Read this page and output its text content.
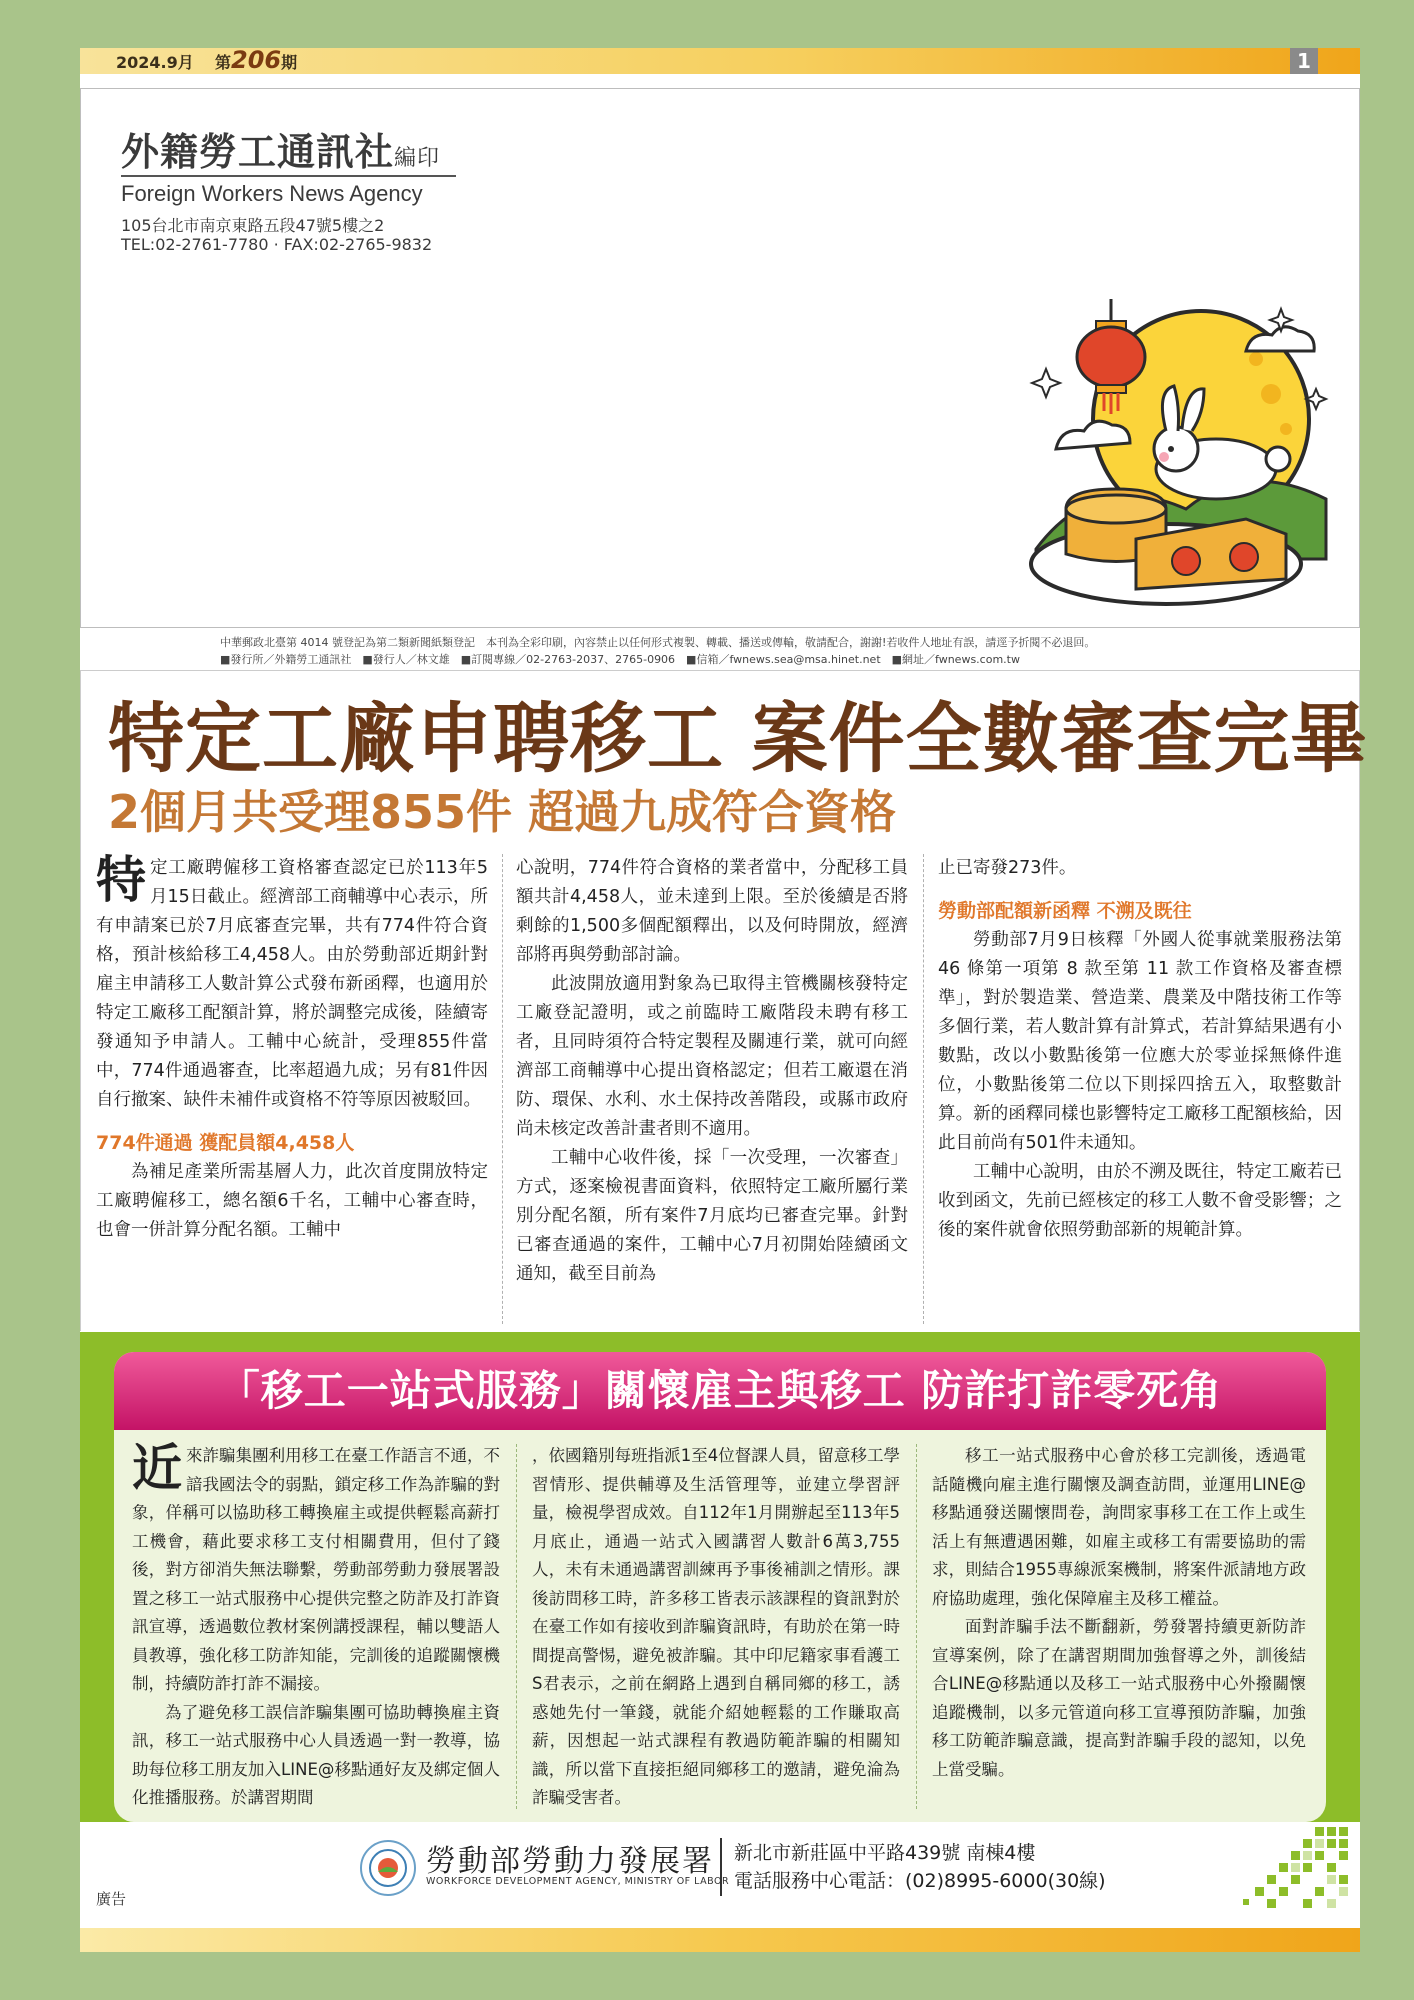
2024.9月 第206期	1
外籍勞工通訊社編印
Foreign Workers News Agency
105台北市南京東路五段47號5樓之2
TEL:02-2761-7780 · FAX:02-2765-9832
中華郵政北臺第 4014 號登記為第二類新聞紙類登記　本刊為全彩印刷，內容禁止以任何形式複製、轉載、播送或傳輸，敬請配合，謝謝!若收件人地址有誤，請逕予折閱不必退回。
■發行所／外籍勞工通訊社　■發行人／林文雄　■訂閱專線／02-2763-2037、2765-0906　■信箱／fwnews.sea@msa.hinet.net　■網址／fwnews.com.tw
特定工廠申聘移工 案件全數審查完畢
2個月共受理855件 超過九成符合資格

特定工廠聘僱移工資格審查認定已於113年5月15日截止。經濟部工商輔導中心表示，所有申請案已於7月底審查完畢，共有774件符合資格，預計核給移工4,458人。由於勞動部近期針對雇主申請移工人數計算公式發布新函釋，也適用於特定工廠移工配額計算，將於調整完成後，陸續寄發通知予申請人。工輔中心統計，受理855件當中，774件通過審查，比率超過九成；另有81件因自行撤案、缺件未補件或資格不符等原因被駁回。

774件通過 獲配員額4,458人

為補足產業所需基層人力，此次首度開放特定工廠聘僱移工，總名額6千名，工輔中心審查時，也會一併計算分配名額。工輔中

心說明，774件符合資格的業者當中，分配移工員額共計4,458人，並未達到上限。至於後續是否將剩餘的1,500多個配額釋出，以及何時開放，經濟部將再與勞動部討論。

此波開放適用對象為已取得主管機關核發特定工廠登記證明，或之前臨時工廠階段未聘有移工者，且同時須符合特定製程及關連行業，就可向經濟部工商輔導中心提出資格認定；但若工廠還在消防、環保、水利、水土保持改善階段，或縣市政府尚未核定改善計畫者則不適用。

工輔中心收件後，採「一次受理，一次審查」方式，逐案檢視書面資料，依照特定工廠所屬行業別分配名額，所有案件7月底均已審查完畢。針對已審查通過的案件，工輔中心7月初開始陸續函文通知，截至目前為

止已寄發273件。

勞動部配額新函釋 不溯及既往

勞動部7月9日核釋「外國人從事就業服務法第 46 條第一項第 8 款至第 11 款工作資格及審查標準」，對於製造業、營造業、農業及中階技術工作等多個行業，若人數計算有計算式，若計算結果遇有小數點，改以小數點後第一位應大於零並採無條件進位，小數點後第二位以下則採四捨五入，取整數計算。新的函釋同樣也影響特定工廠移工配額核給，因此目前尚有501件未通知。

工輔中心說明，由於不溯及既往，特定工廠若已收到函文，先前已經核定的移工人數不會受影響；之後的案件就會依照勞動部新的規範計算。

「移工一站式服務」關懷雇主與移工 防詐打詐零死角

近來詐騙集團利用移工在臺工作語言不通，不諳我國法令的弱點，鎖定移工作為詐騙的對象，佯稱可以協助移工轉換雇主或提供輕鬆高薪打工機會，藉此要求移工支付相關費用，但付了錢後，對方卻消失無法聯繫，勞動部勞動力發展署設置之移工一站式服務中心提供完整之防詐及打詐資訊宣導，透過數位教材案例講授課程，輔以雙語人員教導，強化移工防詐知能，完訓後的追蹤關懷機制，持續防詐打詐不漏接。

為了避免移工誤信詐騙集團可協助轉換雇主資訊，移工一站式服務中心人員透過一對一教導，協助每位移工朋友加入LINE@移點通好友及綁定個人化推播服務。於講習期間

，依國籍別每班指派1至4位督課人員，留意移工學習情形、提供輔導及生活管理等，並建立學習評量，檢視學習成效。自112年1月開辦起至113年5月底止，通過一站式入國講習人數計6萬3,755人，未有未通過講習訓練再予事後補訓之情形。課後訪問移工時，許多移工皆表示該課程的資訊對於在臺工作如有接收到詐騙資訊時，有助於在第一時間提高警惕，避免被詐騙。其中印尼籍家事看護工S君表示，之前在網路上遇到自稱同鄉的移工，誘惑她先付一筆錢，就能介紹她輕鬆的工作賺取高薪，因想起一站式課程有教過防範詐騙的相關知識，所以當下直接拒絕同鄉移工的邀請，避免淪為詐騙受害者。

移工一站式服務中心會於移工完訓後，透過電話隨機向雇主進行關懷及調查訪問，並運用LINE@移點通發送關懷問卷，詢問家事移工在工作上或生活上有無遭遇困難，如雇主或移工有需要協助的需求，則結合1955專線派案機制，將案件派請地方政府協助處理，強化保障雇主及移工權益。

面對詐騙手法不斷翻新，勞發署持續更新防詐宣導案例，除了在講習期間加強督導之外，訓後結合LINE@移點通以及移工一站式服務中心外撥關懷追蹤機制，以多元管道向移工宣導預防詐騙，加強移工防範詐騙意識，提高對詐騙手段的認知，以免上當受騙。

廣告
勞動部勞動力發展署
WORKFORCE DEVELOPMENT AGENCY, MINISTRY OF LABOR
新北市新莊區中平路439號 南棟4樓
電話服務中心電話：(02)8995-6000(30線)
